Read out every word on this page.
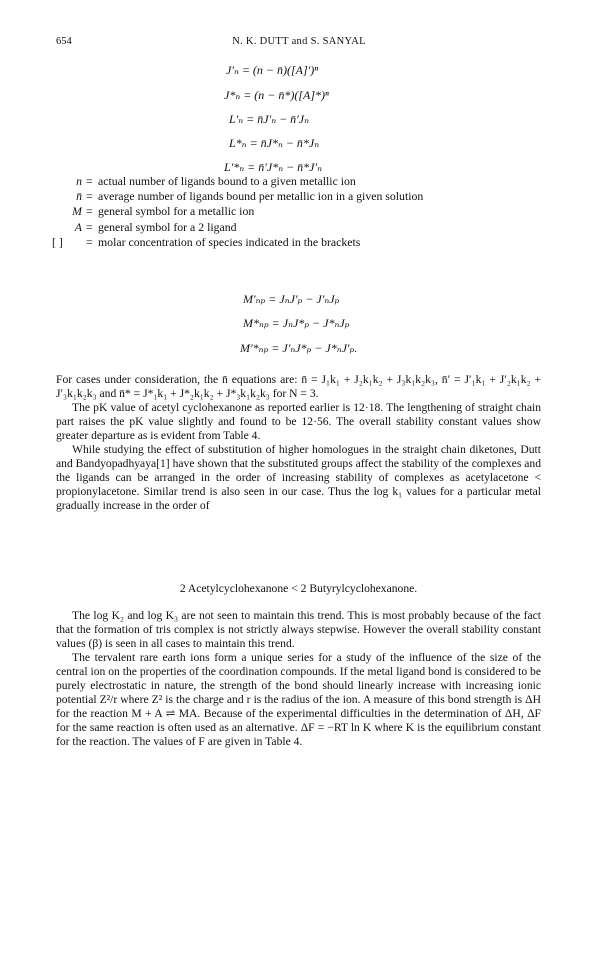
654	N. K. DUTT and S. SANYAL
J′ₙ = (n − n̄)([A]′)ⁿ
J*ₙ = (n − n̄*)([A]*)ⁿ
L′ₙ = n̄J′ₙ − n̄′Jₙ
L*ₙ = n̄J*ₙ − n̄*Jₙ
L′*ₙ = n̄′J*ₙ − n̄*J′ₙ
n = actual number of ligands bound to a given metallic ion
n̄ = average number of ligands bound per metallic ion in a given solution
M = general symbol for a metallic ion
A = general symbol for a 2 ligand
[ ] = molar concentration of species indicated in the brackets
M′ₙₚ = JₙJ′ₚ − J′ₙJₚ
M*ₙₚ = JₙJ*ₚ − J*ₙJₚ
M′*ₙₚ = J′ₙJ*ₚ − J*ₙJ′ₚ.

For cases under consideration, the n̄ equations are: n̄ = J₁k₁ + J₂k₁k₂ + J₃k₁k₂k₃, n̄′ = J′₁k₁ + J′₂k₁k₂ + J′₃k₁k₂k₃ and n̄* = J*₁k₁ + J*₂k₁k₂ + J*₃k₁k₂k₃ for N = 3.

The pK value of acetyl cyclohexanone as reported earlier is 12·18. The lengthening of straight chain part raises the pK value slightly and found to be 12·56. The overall stability constant values show greater departure as is evident from Table 4.

While studying the effect of substitution of higher homologues in the straight chain diketones, Dutt and Bandyopadhyaya[1] have shown that the substituted groups affect the stability of the complexes and the ligands can be arranged in the order of increasing stability of complexes as acetylacetone < propionylacetone. Similar trend is also seen in our case. Thus the log k₁ values for a particular metal gradually increase in the order of

2 Acetylcyclohexanone < 2 Butyrylcyclohexanone.

The log K₂ and log K₃ are not seen to maintain this trend. This is most probably because of the fact that the formation of tris complex is not strictly always stepwise. However the overall stability constant values (β) is seen in all cases to maintain this trend.

The tervalent rare earth ions form a unique series for a study of the influence of the size of the central ion on the properties of the coordination compounds. If the metal ligand bond is considered to be purely electrostatic in nature, the strength of the bond should linearly increase with increasing ionic potential Z²/r where Z² is the charge and r is the radius of the ion. A measure of this bond strength is ΔH for the reaction M + A ⇌ MA. Because of the experimental difficulties in the determination of ΔH, ΔF for the same reaction is often used as an alternative. ΔF = −RT ln K where K is the equilibrium constant for the reaction. The values of F are given in Table 4.
